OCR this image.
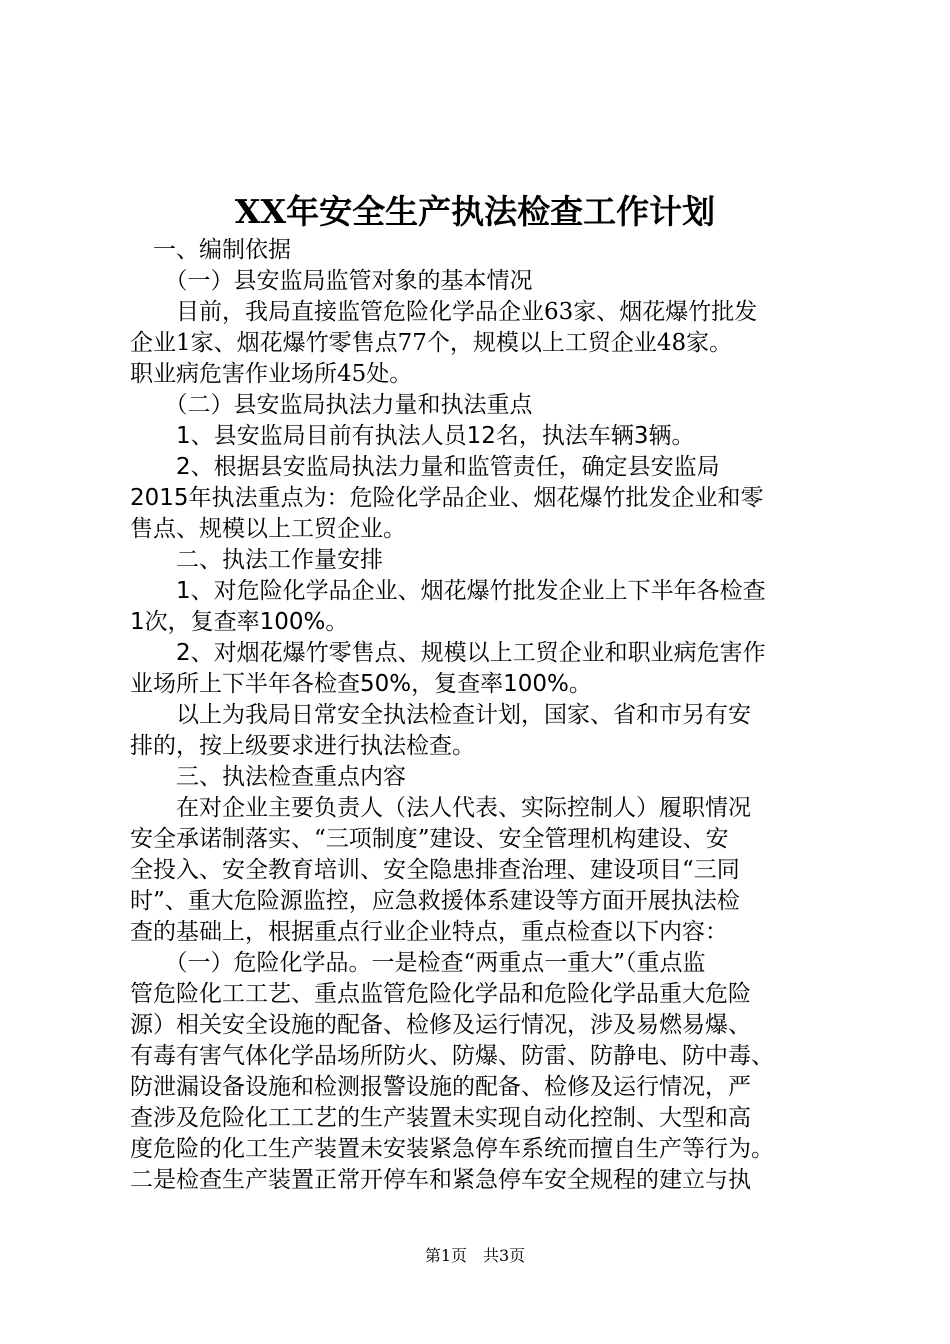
XX年安全生产执法检查工作计划
　一、编制依据
　　（一）县安监局监管对象的基本情况
　　目前，我局直接监管危险化学品企业63家、烟花爆竹批发
企业1家、烟花爆竹零售点77个，规模以上工贸企业48家。
职业病危害作业场所45处。
　　（二）县安监局执法力量和执法重点
　　1、县安监局目前有执法人员12名，执法车辆3辆。
　　2、根据县安监局执法力量和监管责任，确定县安监局
2015年执法重点为：危险化学品企业、烟花爆竹批发企业和零
售点、规模以上工贸企业。
　　二、执法工作量安排
　　1、对危险化学品企业、烟花爆竹批发企业上下半年各检查
1次，复查率100%。
　　2、对烟花爆竹零售点、规模以上工贸企业和职业病危害作
业场所上下半年各检查50%，复查率100%。
　　以上为我局日常安全执法检查计划，国家、省和市另有安
排的，按上级要求进行执法检查。
　　三、执法检查重点内容
　　在对企业主要负责人（法人代表、实际控制人）履职情况
安全承诺制落实、“三项制度”建设、安全管理机构建设、安
全投入、安全教育培训、安全隐患排查治理、建设项目“三同
时”、重大危险源监控，应急救援体系建设等方面开展执法检
查的基础上，根据重点行业企业特点，重点检查以下内容：
　　（一）危险化学品。一是检查“两重点一重大”（重点监
管危险化工工艺、重点监管危险化学品和危险化学品重大危险
源）相关安全设施的配备、检修及运行情况，涉及易燃易爆、
有毒有害气体化学品场所防火、防爆、防雷、防静电、防中毒、
防泄漏设备设施和检测报警设施的配备、检修及运行情况，严
查涉及危险化工工艺的生产装置未实现自动化控制、大型和高
度危险的化工生产装置未安装紧急停车系统而擅自生产等行为。
二是检查生产装置正常开停车和紧急停车安全规程的建立与执
第1页　共3页
